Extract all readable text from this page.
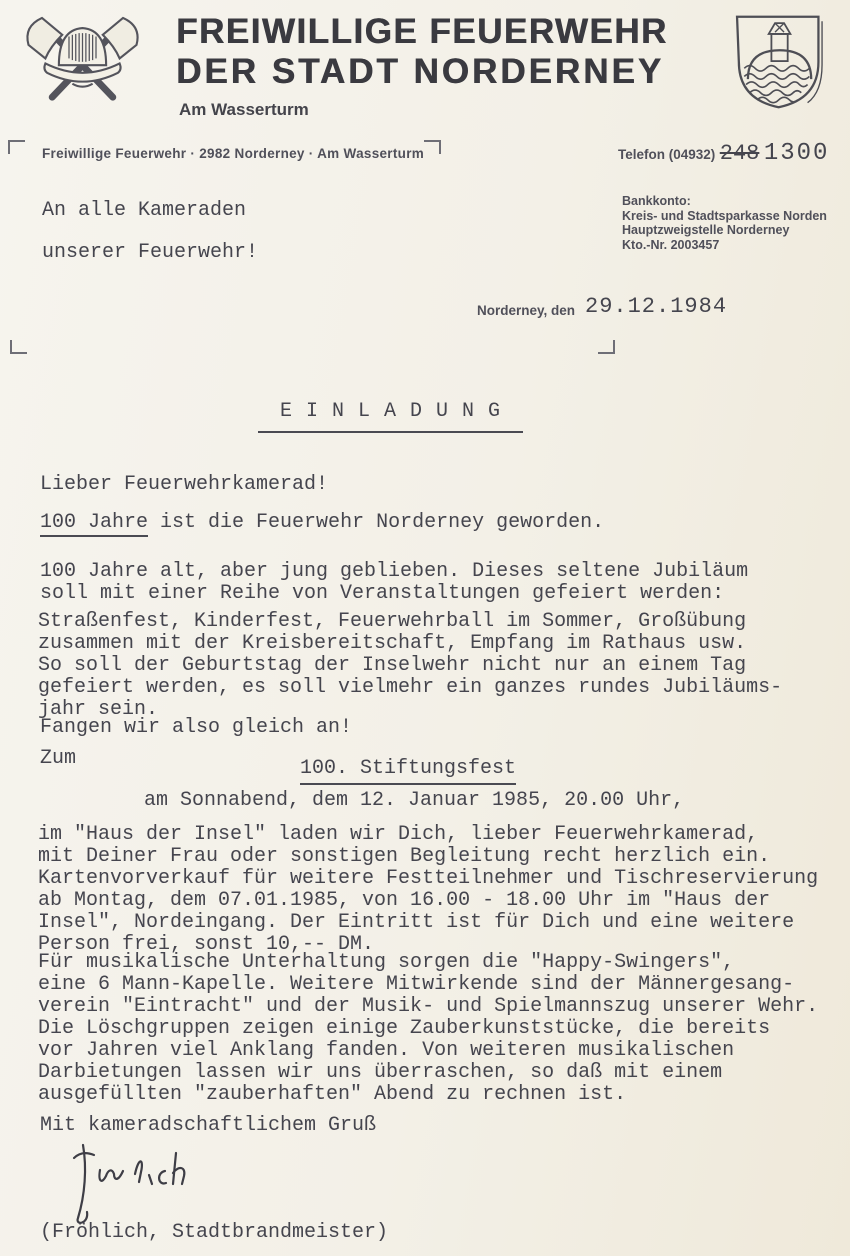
FREIWILLIGE FEUERWEHR
DER STADT NORDERNEY
Am Wasserturm
Freiwillige Feuerwehr · 2982 Norderney · Am Wasserturm	Telefon (04932) 248 1300
An alle Kameraden
unserer Feuerwehr!
Bankkonto:
Kreis- und Stadtsparkasse Norden
Hauptzweigstelle Norderney
Kto.-Nr. 2003457
Norderney, den 29.12.1984
E I N L A D U N G
Lieber Feuerwehrkamerad!
100 Jahre ist die Feuerwehr Norderney geworden.
100 Jahre alt, aber jung geblieben. Dieses seltene Jubiläum
soll mit einer Reihe von Veranstaltungen gefeiert werden:
Straßenfest, Kinderfest, Feuerwehrball im Sommer, Großübung
zusammen mit der Kreisbereitschaft, Empfang im Rathaus usw.
So soll der Geburtstag der Inselwehr nicht nur an einem Tag
gefeiert werden, es soll vielmehr ein ganzes rundes Jubiläums-
jahr sein.
Fangen wir also gleich an!
Zum	100. Stiftungsfest
am Sonnabend, dem 12. Januar 1985, 20.00 Uhr,
im "Haus der Insel" laden wir Dich, lieber Feuerwehrkamerad,
mit Deiner Frau oder sonstigen Begleitung recht herzlich ein.
Kartenvorverkauf für weitere Festteilnehmer und Tischreservierung
ab Montag, dem 07.01.1985, von 16.00 - 18.00 Uhr im "Haus der
Insel", Nordeingang. Der Eintritt ist für Dich und eine weitere
Person frei, sonst 10,-- DM.
Für musikalische Unterhaltung sorgen die "Happy-Swingers",
eine 6 Mann-Kapelle. Weitere Mitwirkende sind der Männergesang-
verein "Eintracht" und der Musik- und Spielmannszug unserer Wehr.
Die Löschgruppen zeigen einige Zauberkunststücke, die bereits
vor Jahren viel Anklang fanden. Von weiteren musikalischen
Darbietungen lassen wir uns überraschen, so daß mit einem
ausgefüllten "zauberhaften" Abend zu rechnen ist.
Mit kameradschaftlichem Gruß
(Fröhlich, Stadtbrandmeister)
